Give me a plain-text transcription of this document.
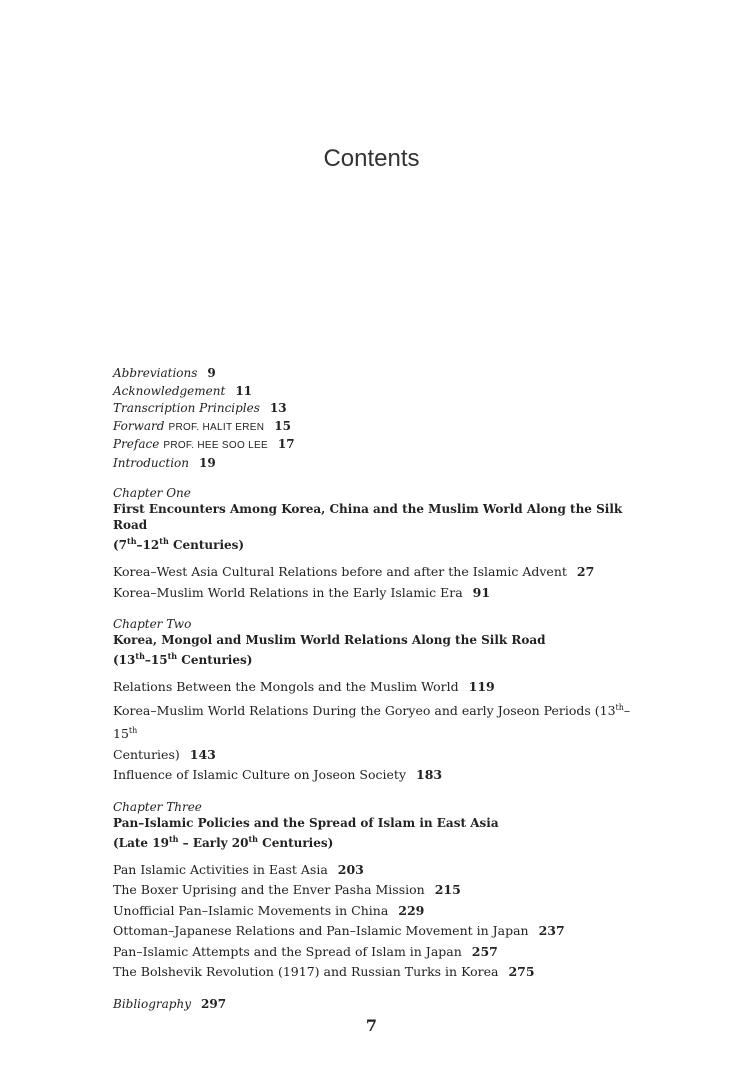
Contents
Abbreviations 9
Acknowledgement 11
Transcription Principles 13
Forward PROF. HALIT EREN 15
Preface PROF. HEE SOO LEE 17
Introduction 19
Chapter One
First Encounters Among Korea, China and the Muslim World Along the Silk Road
(7th–12th Centuries)
Korea–West Asia Cultural Relations before and after the Islamic Advent 27
Korea–Muslim World Relations in the Early Islamic Era 91
Chapter Two
Korea, Mongol and Muslim World Relations Along the Silk Road
(13th–15th Centuries)
Relations Between the Mongols and the Muslim World 119
Korea–Muslim World Relations During the Goryeo and early Joseon Periods (13th–15th
Centuries) 143
Influence of Islamic Culture on Joseon Society 183
Chapter Three
Pan–Islamic Policies and the Spread of Islam in East Asia
(Late 19th – Early 20th Centuries)
Pan Islamic Activities in East Asia 203
The Boxer Uprising and the Enver Pasha Mission 215
Unofficial Pan–Islamic Movements in China 229
Ottoman–Japanese Relations and Pan–Islamic Movement in Japan 237
Pan–Islamic Attempts and the Spread of Islam in Japan 257
The Bolshevik Revolution (1917) and Russian Turks in Korea 275
Bibliography 297
7
